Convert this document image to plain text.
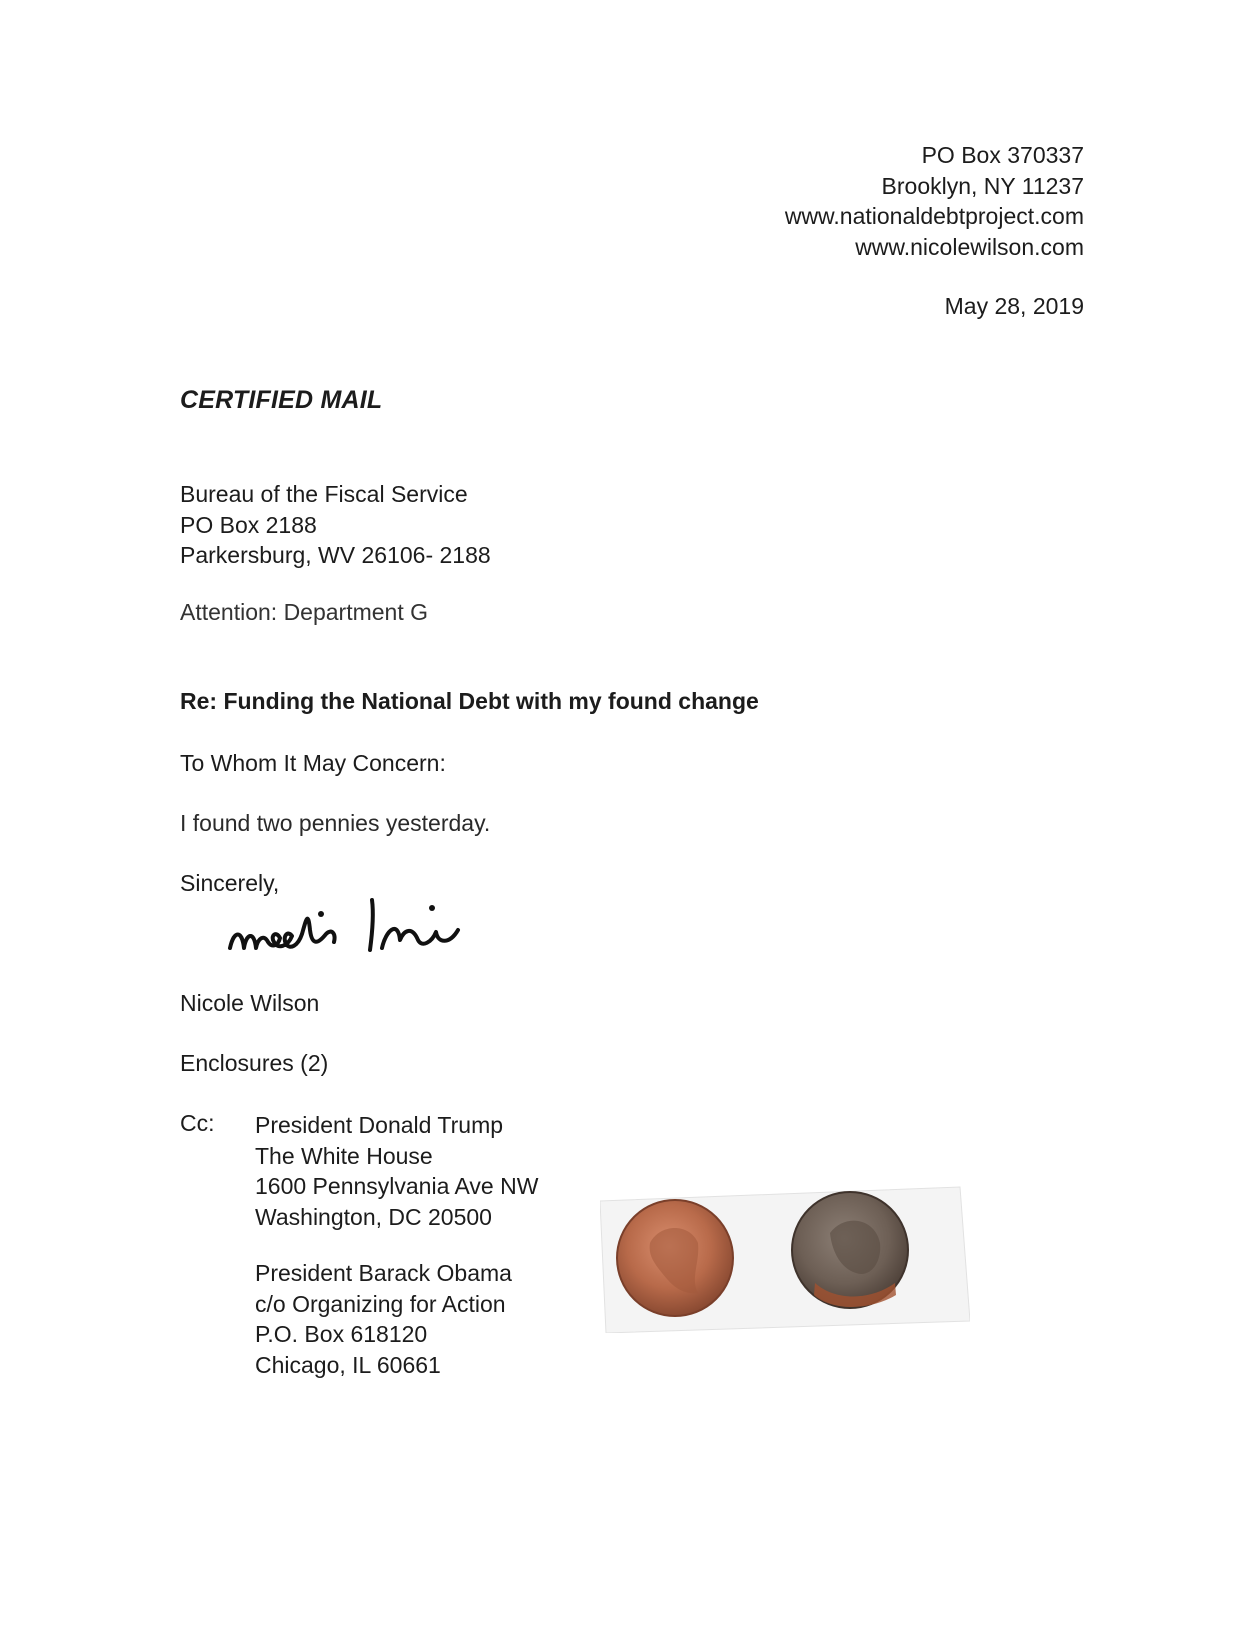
PO Box 370337
Brooklyn, NY 11237
www.nationaldebtproject.com
www.nicolewilson.com
May 28, 2019
CERTIFIED MAIL
Bureau of the Fiscal Service
PO Box 2188
Parkersburg, WV 26106- 2188
Attention: Department G
Re: Funding the National Debt with my found change
To Whom It May Concern:
I found two pennies yesterday.
Sincerely,
Nicole Wilson
Enclosures (2)
Cc: President Donald Trump
The White House
1600 Pennsylvania Ave NW
Washington, DC 20500
President Barack Obama
c/o Organizing for Action
P.O. Box 618120
Chicago, IL 60661
